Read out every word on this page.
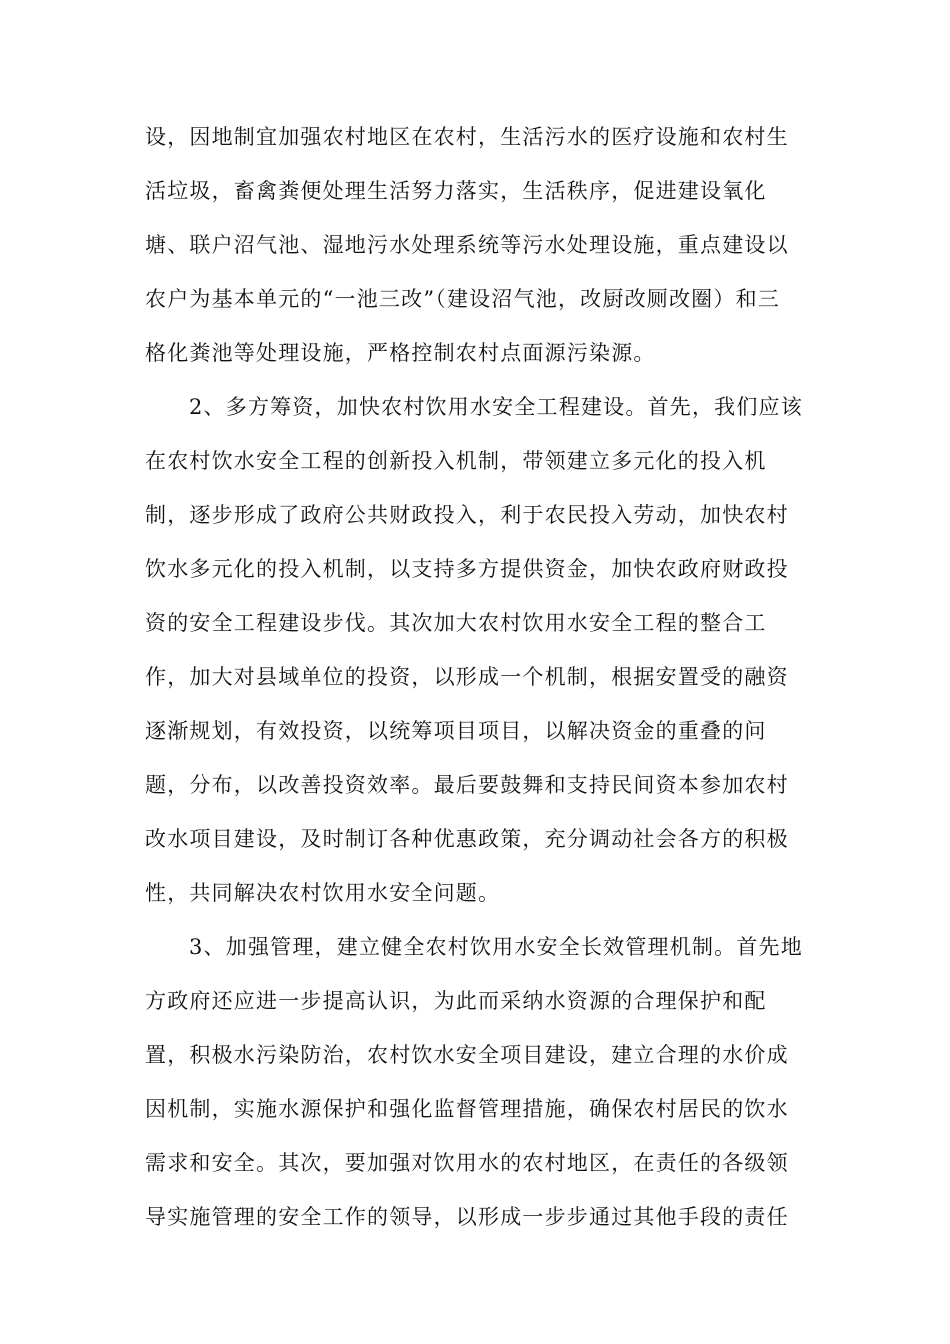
设，因地制宜加强农村地区在农村，生活污水的医疗设施和农村生
活垃圾，畜禽粪便处理生活努力落实，生活秩序，促进建设氧化
塘、联户沼气池、湿地污水处理系统等污水处理设施，重点建设以
农户为基本单元的“一池三改”（建设沼气池，改厨改厕改圈）和三
格化粪池等处理设施，严格控制农村点面源污染源。
2、多方筹资，加快农村饮用水安全工程建设。首先，我们应该
在农村饮水安全工程的创新投入机制，带领建立多元化的投入机
制，逐步形成了政府公共财政投入，利于农民投入劳动，加快农村
饮水多元化的投入机制，以支持多方提供资金，加快农政府财政投
资的安全工程建设步伐。其次加大农村饮用水安全工程的整合工
作，加大对县域单位的投资，以形成一个机制，根据安置受的融资
逐渐规划，有效投资，以统筹项目项目，以解决资金的重叠的问
题，分布，以改善投资效率。最后要鼓舞和支持民间资本参加农村
改水项目建设，及时制订各种优惠政策，充分调动社会各方的积极
性，共同解决农村饮用水安全问题。
3、加强管理，建立健全农村饮用水安全长效管理机制。首先地
方政府还应进一步提高认识，为此而采纳水资源的合理保护和配
置，积极水污染防治，农村饮水安全项目建设，建立合理的水价成
因机制，实施水源保护和强化监督管理措施，确保农村居民的饮水
需求和安全。其次，要加强对饮用水的农村地区，在责任的各级领
导实施管理的安全工作的领导，以形成一步步通过其他手段的责任
